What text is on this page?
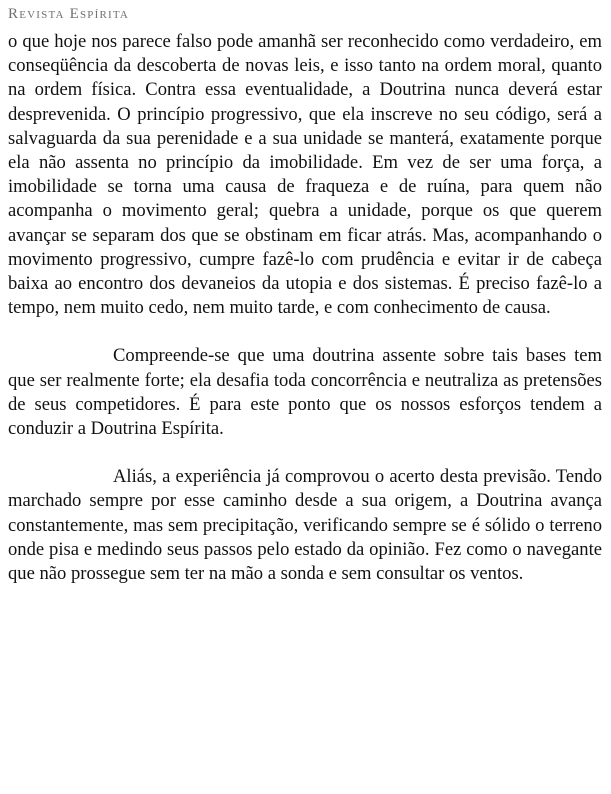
Revista Espírita

o que hoje nos parece falso pode amanhã ser reconhecido como verdadeiro, em conseqüência da descoberta de novas leis, e isso tanto na ordem moral, quanto na ordem física. Contra essa eventualidade, a Doutrina nunca deverá estar desprevenida. O princípio progressivo, que ela inscreve no seu código, será a salvaguarda da sua perenidade e a sua unidade se manterá, exatamente porque ela não assenta no princípio da imobilidade. Em vez de ser uma força, a imobilidade se torna uma causa de fraqueza e de ruína, para quem não acompanha o movimento geral; quebra a unidade, porque os que querem avançar se separam dos que se obstinam em ficar atrás. Mas, acompanhando o movimento progressivo, cumpre fazê-lo com prudência e evitar ir de cabeça baixa ao encontro dos devaneios da utopia e dos sistemas. É preciso fazê-lo a tempo, nem muito cedo, nem muito tarde, e com conhecimento de causa.

Compreende-se que uma doutrina assente sobre tais bases tem que ser realmente forte; ela desafia toda concorrência e neutraliza as pretensões de seus competidores. É para este ponto que os nossos esforços tendem a conduzir a Doutrina Espírita.

Aliás, a experiência já comprovou o acerto desta previsão. Tendo marchado sempre por esse caminho desde a sua origem, a Doutrina avança constantemente, mas sem precipitação, verificando sempre se é sólido o terreno onde pisa e medindo seus passos pelo estado da opinião. Fez como o navegante que não prossegue sem ter na mão a sonda e sem consultar os ventos.
